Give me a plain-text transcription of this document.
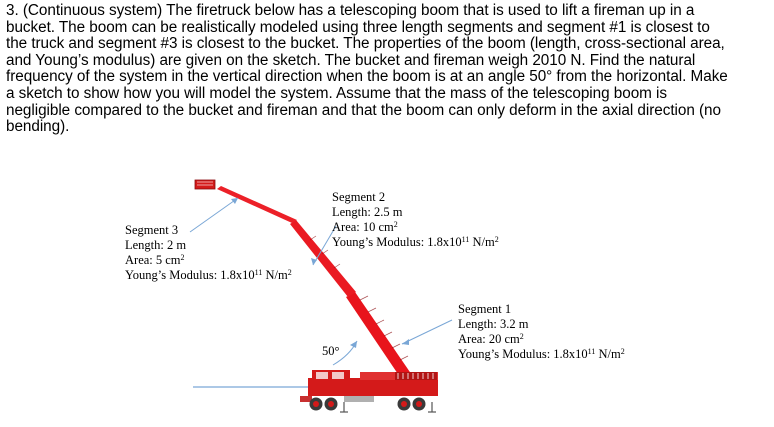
3. (Continuous system) The firetruck below has a telescoping boom that is used to lift a fireman up in a
bucket. The boom can be realistically modeled using three length segments and segment #1 is closest to
the truck and segment #3 is closest to the bucket. The properties of the boom (length, cross-sectional area,
and Young’s modulus) are given on the sketch. The bucket and fireman weigh 2010 N. Find the natural
frequency of the system in the vertical direction when the boom is at an angle 50° from the horizontal. Make
a sketch to show how you will model the system. Assume that the mass of the telescoping boom is
negligible compared to the bucket and fireman and that the boom can only deform in the axial direction (no
bending).
50°
Segment 2
Length: 2.5 m
Area: 10 $cm^2$
Young’s Modulus: $1.8x10^{11}$ $N/m^2$
Segment 3
Length: 2 m
Area: 5 $cm^2$
Young’s Modulus: $1.8x10^{11}$ $N/m^2$
Segment 1
Length: 3.2 m
Area: 20 $cm^2$
Young’s Modulus: $1.8x10^{11}$ $N/m^2$
